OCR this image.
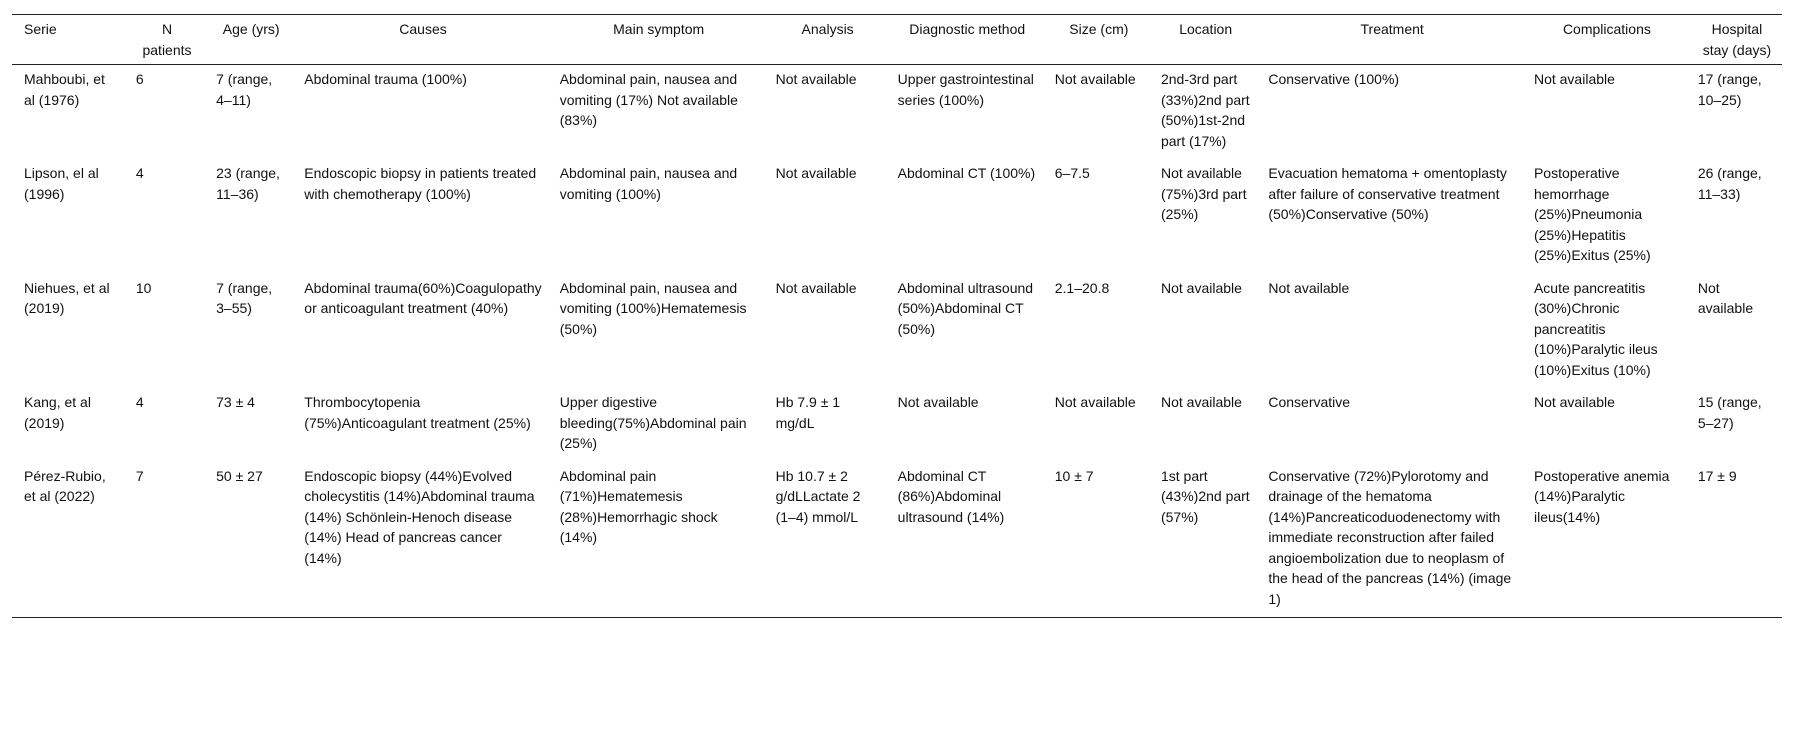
Serie	N patients	Age (yrs)	Causes	Main symptom	Analysis	Diagnostic method	Size (cm)	Location	Treatment	Complications	Hospital stay (days)
Mahboubi, et al (1976)	6	7 (range, 4–11)	Abdominal trauma (100%)	Abdominal pain, nausea and vomiting (17%) Not available (83%)	Not available	Upper gastrointestinal series (100%)	Not available	2nd-3rd part (33%)2nd part (50%)1st-2nd part (17%)	Conservative (100%)	Not available	17 (range, 10–25)
Lipson, el al (1996)	4	23 (range, 11–36)	Endoscopic biopsy in patients treated with chemotherapy (100%)	Abdominal pain, nausea and vomiting (100%)	Not available	Abdominal CT (100%)	6–7.5	Not available (75%)3rd part (25%)	Evacuation hematoma + omentoplasty after failure of conservative treatment (50%)Conservative (50%)	Postoperative hemorrhage (25%)Pneumonia (25%)Hepatitis (25%)Exitus (25%)	26 (range, 11–33)
Niehues, et al (2019)	10	7 (range, 3–55)	Abdominal trauma(60%)Coagulopathy or anticoagulant treatment (40%)	Abdominal pain, nausea and vomiting (100%)Hematemesis (50%)	Not available	Abdominal ultrasound (50%)Abdominal CT (50%)	2.1–20.8	Not available	Not available	Acute pancreatitis (30%)Chronic pancreatitis (10%)Paralytic ileus (10%)Exitus (10%)	Not available
Kang, et al (2019)	4	73 ± 4	Thrombocytopenia (75%)Anticoagulant treatment (25%)	Upper digestive bleeding(75%)Abdominal pain (25%)	Hb 7.9 ± 1 mg/dL	Not available	Not available	Not available	Conservative	Not available	15 (range, 5–27)
Pérez-Rubio, et al (2022)	7	50 ± 27	Endoscopic biopsy (44%)Evolved cholecystitis (14%)Abdominal trauma (14%) Schönlein-Henoch disease (14%) Head of pancreas cancer (14%)	Abdominal pain (71%)Hematemesis (28%)Hemorrhagic shock (14%)	Hb 10.7 ± 2 g/dLLactate 2 (1–4) mmol/L	Abdominal CT (86%)Abdominal ultrasound (14%)	10 ± 7	1st part (43%)2nd part (57%)	Conservative (72%)Pylorotomy and drainage of the hematoma (14%)Pancreaticoduodenectomy with immediate reconstruction after failed angioembolization due to neoplasm of the head of the pancreas (14%) (image 1)	Postoperative anemia (14%)Paralytic ileus(14%)	17 ± 9
